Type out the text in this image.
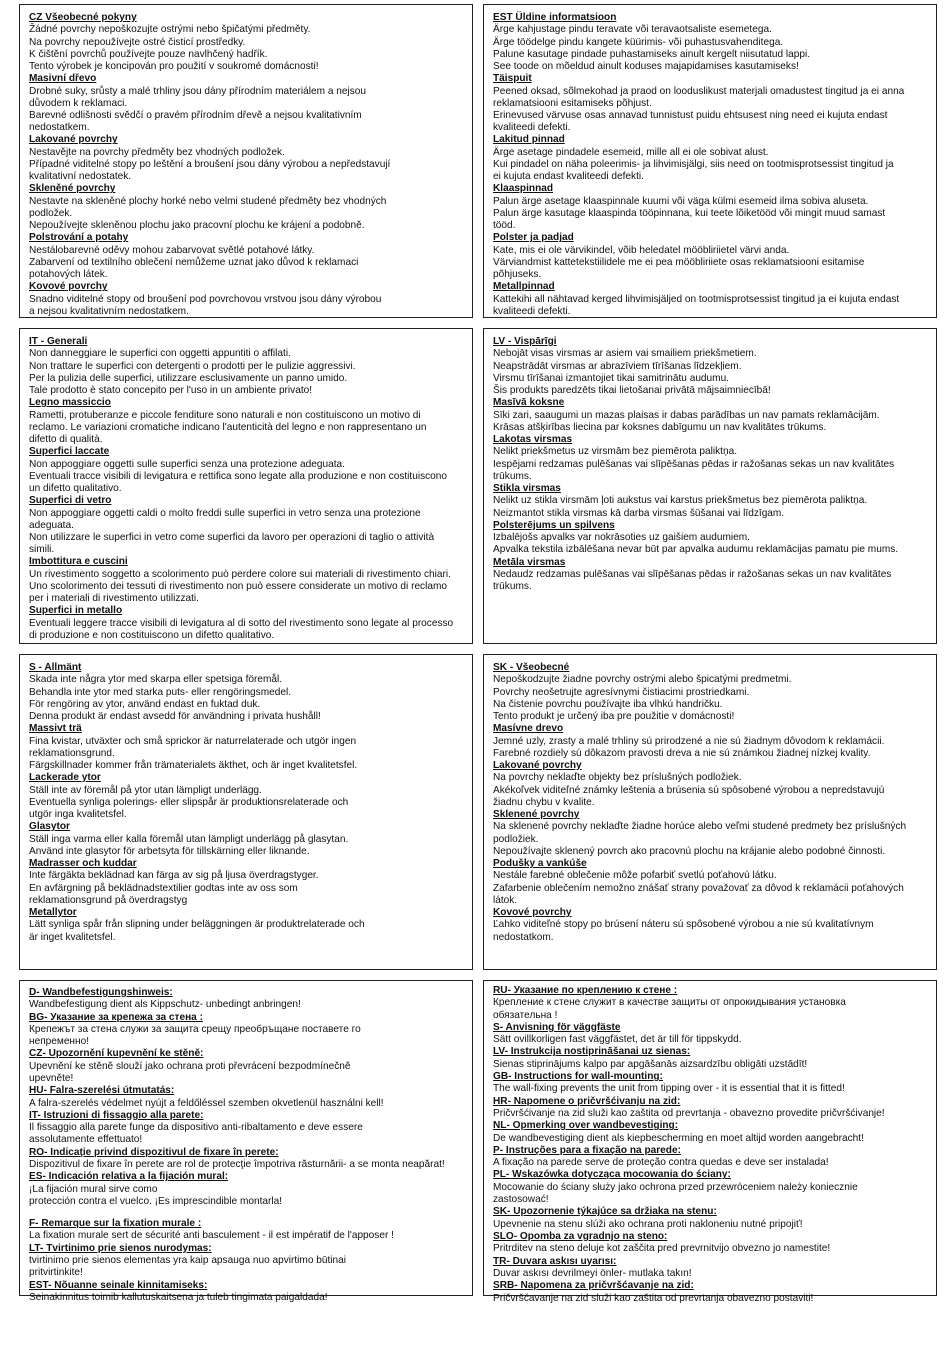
CZ Všeobecné pokyny
Žádné povrchy nepoškozujte ostrými nebo špičatými předměty.
Na povrchy nepoužívejte ostré čisticí prostředky.
K čištění povrchů používejte pouze navlhčený hadřík.
Tento výrobek je koncipován pro použití v soukromé domácnosti!
Masivní dřevo
Drobné suky, srůsty a malé trhliny jsou dány přírodním materiálem a nejsou
důvodem k reklamaci.
Barevné odlišnosti svědčí o pravém přírodním dřevě a nejsou kvalitativním
nedostatkem.
Lakované povrchy
Nestavějte na povrchy předměty bez vhodných podložek.
Případné viditelné stopy po leštění a broušení jsou dány výrobou a nepředstavují
kvalitativní nedostatek.
Skleněné povrchy
Nestavte na skleněné plochy horké nebo velmi studené předměty bez vhodných
podložek.
Nepoužívejte skleněnou plochu jako pracovní plochu ke krájení a podobně.
Polstrování a potahy
Nestálobarevné oděvy mohou zabarvovat světlé potahové látky.
Zabarvení od textilního oblečení nemůžeme uznat jako důvod k reklamaci
potahových látek.
Kovové povrchy
Snadno viditelné stopy od broušení pod povrchovou vrstvou jsou dány výrobou
a nejsou kvalitativním nedostatkem.
EST Üldine informatsioon
Ärge kahjustage pindu teravate või teravaotsaliste esemetega.
Ärge töödelge pindu kangete küürimis- või puhastusvahenditega.
Palune kasutage pindade puhastamiseks ainult kergelt niisutatud lappi.
See toode on mõeldud ainult koduses majapidamises kasutamiseks!
Täispuit
Peened oksad, sõlmekohad ja praod on looduslikust materjali omadustest tingitud ja ei anna
reklamatsiooni esitamiseks põhjust.
Erinevused värvuse osas annavad tunnistust puidu ehtsusest ning need ei kujuta endast
kvaliteedi defekti.
Lakitud pinnad
Ärge asetage pindadele esemeid, mille all ei ole sobivat alust.
Kui pindadel on näha poleerimis- ja lihvimisjälgi, siis need on tootmisprotsessist tingitud ja
ei kujuta endast kvaliteedi defekti.
Klaaspinnad
Palun ärge asetage klaaspinnale kuumi või väga külmi esemeid ilma sobiva aluseta.
Palun ärge kasutage klaaspinda tööpinnana, kui teete lõiketööd või mingit muud samast
tööd.
Polster ja padjad
Kate, mis ei ole värvikindel, võib heledatel mööbliriietel värvi anda.
Värviandmist kattetekstiilidele me ei pea mööbliriiete osas reklamatsiooni esitamise
põhjuseks.
Metallpinnad
Kattekihi all nähtavad kerged lihvimisjäljed on tootmisprotsessist tingitud ja ei kujuta endast
kvaliteedi defekti.
IT - Generali
Non danneggiare le superfici con oggetti appuntiti o affilati.
Non trattare le superfici con detergenti o prodotti per le pulizie aggressivi.
Per la pulizia delle superfici, utilizzare esclusivamente un panno umido.
Tale prodotto è stato concepito per l'uso in un ambiente privato!
Legno massiccio
Rametti, protuberanze e piccole fenditure sono naturali e non costituiscono un motivo di
reclamo. Le variazioni cromatiche indicano l'autenticità del legno e non rappresentano un
difetto di qualità.
Superfici laccate
Non appoggiare oggetti sulle superfici senza una protezione adeguata.
Eventuali tracce visibili di levigatura e rettifica sono legate alla produzione e non costituiscono
un difetto qualitativo.
Superfici di vetro
Non appoggiare oggetti caldi o molto freddi sulle superfici in vetro senza una protezione
adeguata.
Non utilizzare le superfici in vetro come superfici da lavoro per operazioni di taglio o attività
simili.
Imbottitura e cuscini
Un rivestimento soggetto a scolorimento può perdere colore sui materiali di rivestimento chiari.
Uno scolorimento dei tessuti di rivestimento non può essere considerate un motivo di reclamo
per i materiali di rivestimento utilizzati.
Superfici in metallo
Eventuali leggere tracce visibili di levigatura al di sotto del rivestimento sono legate al processo
di produzione e non costituiscono un difetto qualitativo.
LV - Vispārīgi
Nebojāt visas virsmas ar asiem vai smailiem priekšmetiem.
Neapstrādāt virsmas ar abrazīviem tīrīšanas līdzekļiem.
Virsmu tīrīšanai izmantojiet tikai samitrinātu audumu.
Šis produkts paredzēts tikai lietošanai privātā mājsaimniecībā!
Masīvā koksne
Sīki zari, saaugumi un mazas plaisas ir dabas parādības un nav pamats reklamācijām.
Krāsas atšķirības liecina par koksnes dabīgumu un nav kvalitātes trūkums.
Lakotas virsmas
Nelikt priekšmetus uz virsmām bez piemērota paliktņa.
Iespējami redzamas pulēšanas vai slīpēšanas pēdas ir ražošanas sekas un nav kvalitātes
trūkums.
Stikla virsmas
Nelikt uz stikla virsmām ļoti aukstus vai karstus priekšmetus bez piemērota paliktņa.
Neizmantot stikla virsmas kā darba virsmas šūšanai vai līdzīgam.
Polsterējums un spilvens
Izbalējošs apvalks var nokrāsoties uz gaišiem audumiem.
Apvalka tekstila izbālēšana nevar būt par apvalka audumu reklamācijas pamatu pie mums.
Metāla virsmas
Nedaudz redzamas pulēšanas vai slīpēšanas pēdas ir ražošanas sekas un nav kvalitātes
trūkums.
S - Allmänt
Skada inte några ytor med skarpa eller spetsiga föremål.
Behandla inte ytor med starka puts- eller rengöringsmedel.
För rengöring av ytor, använd endast en fuktad duk.
Denna produkt är endast avsedd för användning i privata hushåll!
Massivt trä
Fina kvistar, utväxter och små sprickor är naturrelaterade och utgör ingen
reklamationsgrund.
Färgskillnader kommer från trämaterialets äkthet, och är inget kvalitetsfel.
Lackerade ytor
Ställ inte av föremål på ytor utan lämpligt underlägg.
Eventuella synliga polerings- eller slipspår är produktionsrelaterade och
utgör inga kvalitetsfel.
Glasytor
Ställ inga varma eller kalla föremål utan lämpligt underlägg på glasytan.
Använd inte glasytor för arbetsyta för tillskärning eller liknande.
Madrasser och kuddar
Inte färgäkta beklädnad kan färga av sig på ljusa överdragstyger.
En avfärgning på beklädnadstextilier godtas inte av oss som
reklamationsgrund på överdragstyg
Metallytor
Lätt synliga spår från slipning under beläggningen är produktrelaterade och
är inget kvalitetsfel.
SK - Všeobecné
Nepoškodzujte žiadne povrchy ostrými alebo špicatými predmetmi.
Povrchy neošetrujte agresívnymi čistiacimi prostriedkami.
Na čistenie povrchu používajte iba vlhkú handričku.
Tento produkt je určený iba pre použitie v domácnosti!
Masívne drevo
Jemné uzly, zrasty a malé trhliny sú prirodzené a nie sú žiadnym dôvodom k reklamácii.
Farebné rozdiely sú dôkazom pravosti dreva a nie sú známkou žiadnej nízkej kvality.
Lakované povrchy
Na povrchy neklaďte objekty bez príslušných podložiek.
Akékoľvek viditeľné známky leštenia a brúsenia sú spôsobené výrobou a nepredstavujú
žiadnu chybu v kvalite.
Sklenené povrchy
Na sklenené povrchy neklaďte žiadne horúce alebo veľmi studené predmety bez príslušných
podložiek.
Nepoužívajte sklenený povrch ako pracovnú plochu na krájanie alebo podobné činnosti.
Podušky a vankúše
Nestále farebné oblečenie môže pofarbiť svetlú poťahovú látku.
Zafarbenie oblečením nemožno znášať strany považovať za dôvod k reklamácii poťahových
látok.
Kovové povrchy
Ľahko viditeľné stopy po brúsení náteru sú spôsobené výrobou a nie sú kvalitatívnym
nedostatkom.
D- Wandbefestigungshinweis:
Wandbefestigung dient als Kippschutz- unbedingt anbringen!
BG- Указание за крепежа за стена :
Крепежът за стена служи за защита срещу преобръщане поставете го
непременно!
CZ- Upozornění kupevnění ke stěně:
Upevnění ke stěně slouží jako ochrana proti převrácení bezpodmínečně
upevněte!
HU- Falra-szerelési útmutatás:
A falra-szerelés védelmet nyújt a feldőléssel szemben okvetlenül használni kell!
IT- Istruzioni di fissaggio alla parete:
Il fissaggio alla parete funge da dispositivo anti-ribaltamento e deve essere
assolutamente effettuato!
RO- Indicaţie privind dispozitivul de fixare în perete:
Dispozitivul de fixare în perete are rol de protecţie împotriva răsturnării- a se monta neapărat!
ES- Indicación relativa a la fijación mural:
¡La fijación mural sirve como
protección contra el vuelco. ¡Es imprescindible montarla!
F- Remarque sur la fixation murale :
La fixation murale sert de sécurité anti basculement - il est impératif de l'apposer !
LT- Tvirtinimo prie sienos nurodymas:
tvirtinimo prie sienos elementas yra kaip apsauga nuo apvirtimo būtinai
pritvirtinkite!
EST- Nõuanne seinale kinnitamiseks:
Seinakinnitus toimib kallutuskaitsena ja tuleb tingimata paigaldada!
RU- Указание по креплению к стене :
Крепление к стене служит в качестве защиты от опрокидывания установка
обязательна !
S- Anvisning för väggfäste
Sätt ovillkorligen fast väggfästet, det är till för tippskydd.
LV- Instrukcija nostiprināšanai uz sienas:
Sienas stiprinājums kalpo par apgāšanās aizsardzību obligāti uzstādīt!
GB- Instructions for wall-mounting:
The wall-fixing prevents the unit from tipping over - it is essential that it is fitted!
HR- Napomene o pričvršćivanju na zid:
Pričvršćivanje na zid služi kao zaštita od prevrtanja - obavezno provedite pričvršćivanje!
NL- Opmerking over wandbevestiging:
De wandbevestiging dient als kiepbescherming en moet altijd worden aangebracht!
P- Instruções para a fixação na parede:
A fixação na parede serve de proteção contra quedas e deve ser instalada!
PL- Wskazówka dotycząca mocowania do ściany:
Mocowanie do ściany służy jako ochrona przed przewróceniem należy koniecznie
zastosować!
SK- Upozornenie týkajúce sa držiaka na stenu:
Upevnenie na stenu slúži ako ochrana proti nakloneniu nutné pripojiť!
SLO- Opomba za vgradnjo na steno:
Pritrditev na steno deluje kot zaščita pred prevrnitvijo obvezno jo namestite!
TR- Duvara askısı uyarısı:
Duvar askısı devrilmeyi önler- mutlaka takın!
SRB- Napomena za pričvršćavanje na zid:
Pričvršćavanje na zid služi kao zaštita od prevrtanja obavezno postaviti!
